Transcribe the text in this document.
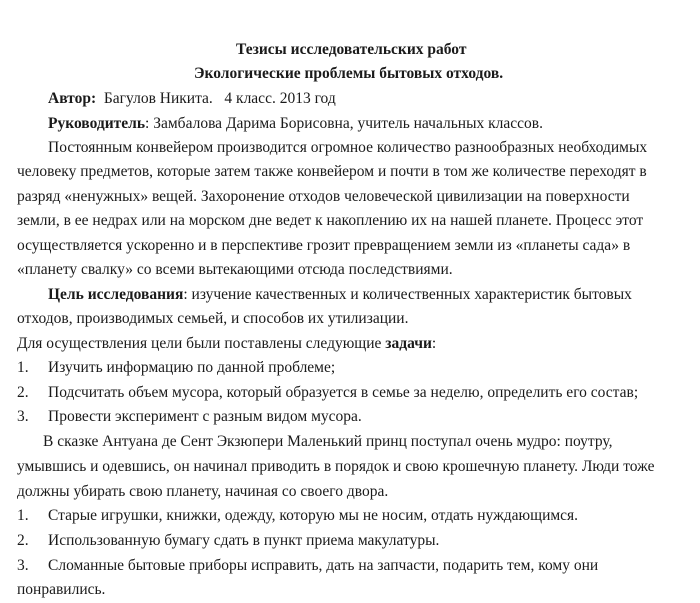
Тезисы исследовательских работ
Экологические проблемы бытовых отходов.
Автор:  Багулов Никита.   4 класс. 2013 год
Руководитель: Замбалова Дарима Борисовна, учитель начальных классов.
Постоянным конвейером производится огромное количество разнообразных необходимых
человеку предметов, которые затем также конвейером и почти в том же количестве переходят в
разряд «ненужных» вещей. Захоронение отходов человеческой цивилизации на поверхности
земли, в ее недрах или на морском дне ведет к накоплению их на нашей планете. Процесс этот
осуществляется ускоренно и в перспективе грозит превращением земли из «планеты сада» в
«планету свалку» со всеми вытекающими отсюда последствиями.
Цель исследования: изучение качественных и количественных характеристик бытовых
отходов, производимых семьей, и способов их утилизации.
Для осуществления цели были поставлены следующие задачи:
1. Изучить информацию по данной проблеме;
2. Подсчитать объем мусора, который образуется в семье за неделю, определить его состав;
3. Провести эксперимент с разным видом мусора.
В сказке Антуана де Сент Экзюпери Маленький принц поступал очень мудро: поутру,
умывшись и одевшись, он начинал приводить в порядок и свою крошечную планету. Люди тоже
должны убирать свою планету, начиная со своего двора.
1. Старые игрушки, книжки, одежду, которую мы не носим, отдать нуждающимся.
2. Использованную бумагу сдать в пункт приема макулатуры.
3. Сломанные бытовые приборы исправить, дать на запчасти, подарить тем, кому они
понравились.
